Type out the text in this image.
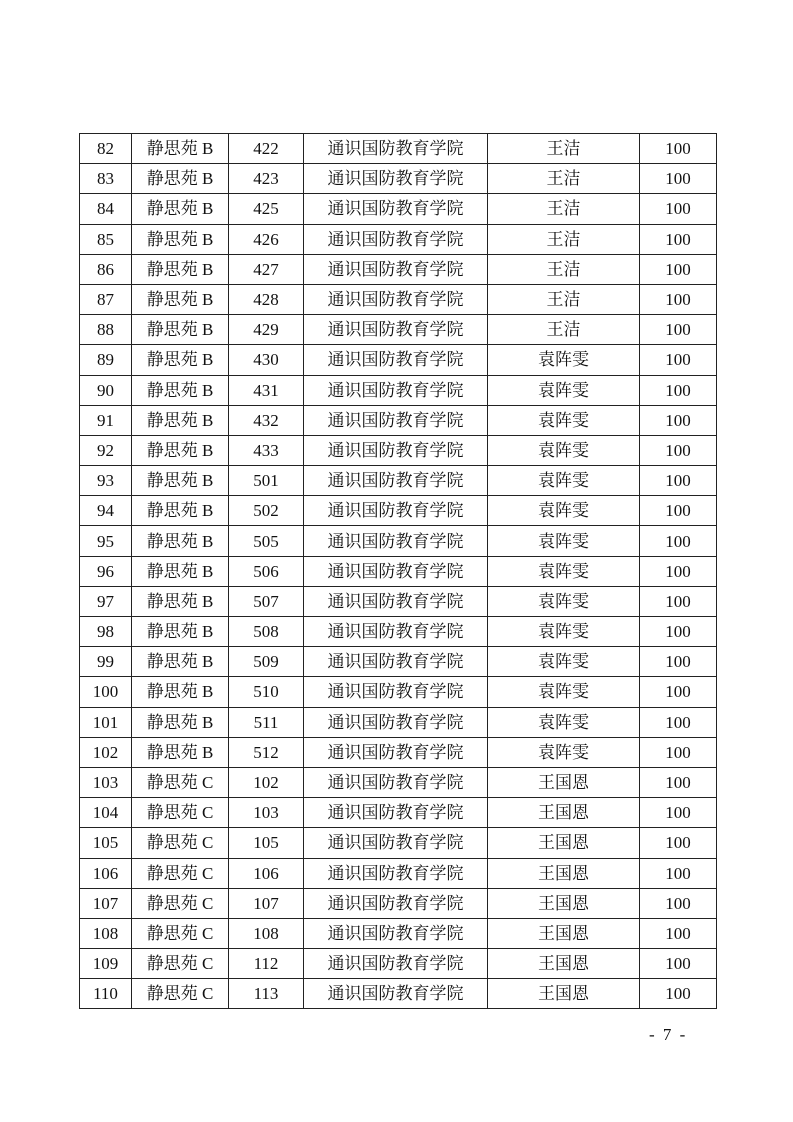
82	静思苑 B	422	通识国防教育学院	王洁	100
83	静思苑 B	423	通识国防教育学院	王洁	100
84	静思苑 B	425	通识国防教育学院	王洁	100
85	静思苑 B	426	通识国防教育学院	王洁	100
86	静思苑 B	427	通识国防教育学院	王洁	100
87	静思苑 B	428	通识国防教育学院	王洁	100
88	静思苑 B	429	通识国防教育学院	王洁	100
89	静思苑 B	430	通识国防教育学院	袁阵雯	100
90	静思苑 B	431	通识国防教育学院	袁阵雯	100
91	静思苑 B	432	通识国防教育学院	袁阵雯	100
92	静思苑 B	433	通识国防教育学院	袁阵雯	100
93	静思苑 B	501	通识国防教育学院	袁阵雯	100
94	静思苑 B	502	通识国防教育学院	袁阵雯	100
95	静思苑 B	505	通识国防教育学院	袁阵雯	100
96	静思苑 B	506	通识国防教育学院	袁阵雯	100
97	静思苑 B	507	通识国防教育学院	袁阵雯	100
98	静思苑 B	508	通识国防教育学院	袁阵雯	100
99	静思苑 B	509	通识国防教育学院	袁阵雯	100
100	静思苑 B	510	通识国防教育学院	袁阵雯	100
101	静思苑 B	511	通识国防教育学院	袁阵雯	100
102	静思苑 B	512	通识国防教育学院	袁阵雯	100
103	静思苑 C	102	通识国防教育学院	王国恩	100
104	静思苑 C	103	通识国防教育学院	王国恩	100
105	静思苑 C	105	通识国防教育学院	王国恩	100
106	静思苑 C	106	通识国防教育学院	王国恩	100
107	静思苑 C	107	通识国防教育学院	王国恩	100
108	静思苑 C	108	通识国防教育学院	王国恩	100
109	静思苑 C	112	通识国防教育学院	王国恩	100
110	静思苑 C	113	通识国防教育学院	王国恩	100
- 7 -
